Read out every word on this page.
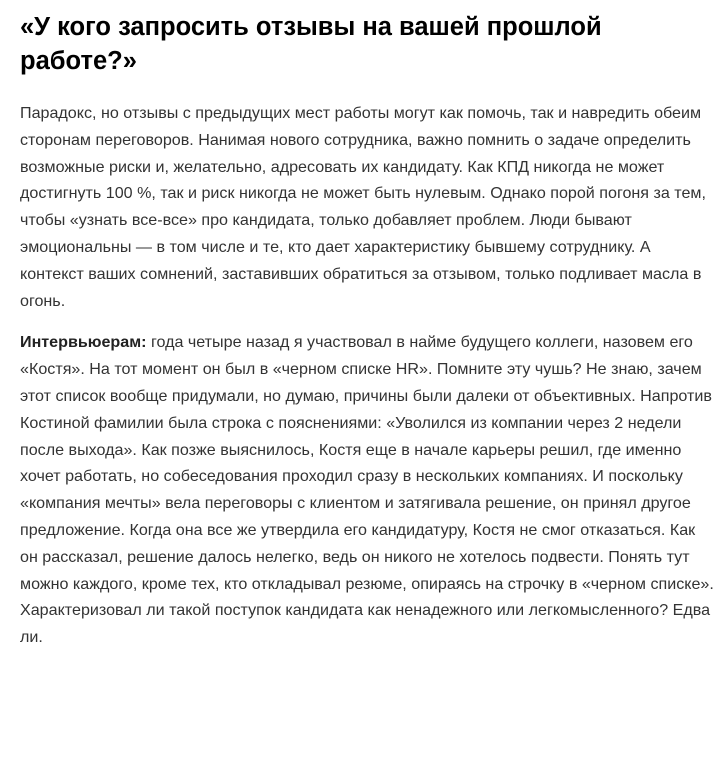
«У кого запросить отзывы на вашей прошлой работе?»

Парадокс, но отзывы с предыдущих мест работы могут как помочь, так и навредить обеим сторонам переговоров. Нанимая нового сотрудника, важно помнить о задаче определить возможные риски и, желательно, адресовать их кандидату. Как КПД никогда не может достигнуть 100 %, так и риск никогда не может быть нулевым. Однако порой погоня за тем, чтобы «узнать все-все» про кандидата, только добавляет проблем. Люди бывают эмоциональны — в том числе и те, кто дает характеристику бывшему сотруднику. А контекст ваших сомнений, заставивших обратиться за отзывом, только подливает масла в огонь.

Интервьюерам: года четыре назад я участвовал в найме будущего коллеги, назовем его «Костя». На тот момент он был в «черном списке HR». Помните эту чушь? Не знаю, зачем этот список вообще придумали, но думаю, причины были далеки от объективных. Напротив Костиной фамилии была строка с пояснениями: «Уволился из компании через 2 недели после выхода». Как позже выяснилось, Костя еще в начале карьеры решил, где именно хочет работать, но собеседования проходил сразу в нескольких компаниях. И поскольку «компания мечты» вела переговоры с клиентом и затягивала решение, он принял другое предложение. Когда она все же утвердила его кандидатуру, Костя не смог отказаться. Как он рассказал, решение далось нелегко, ведь он никого не хотелось подвести. Понять тут можно каждого, кроме тех, кто откладывал резюме, опираясь на строчку в «черном списке». Характеризовал ли такой поступок кандидата как ненадежного или легкомысленного? Едва ли.
